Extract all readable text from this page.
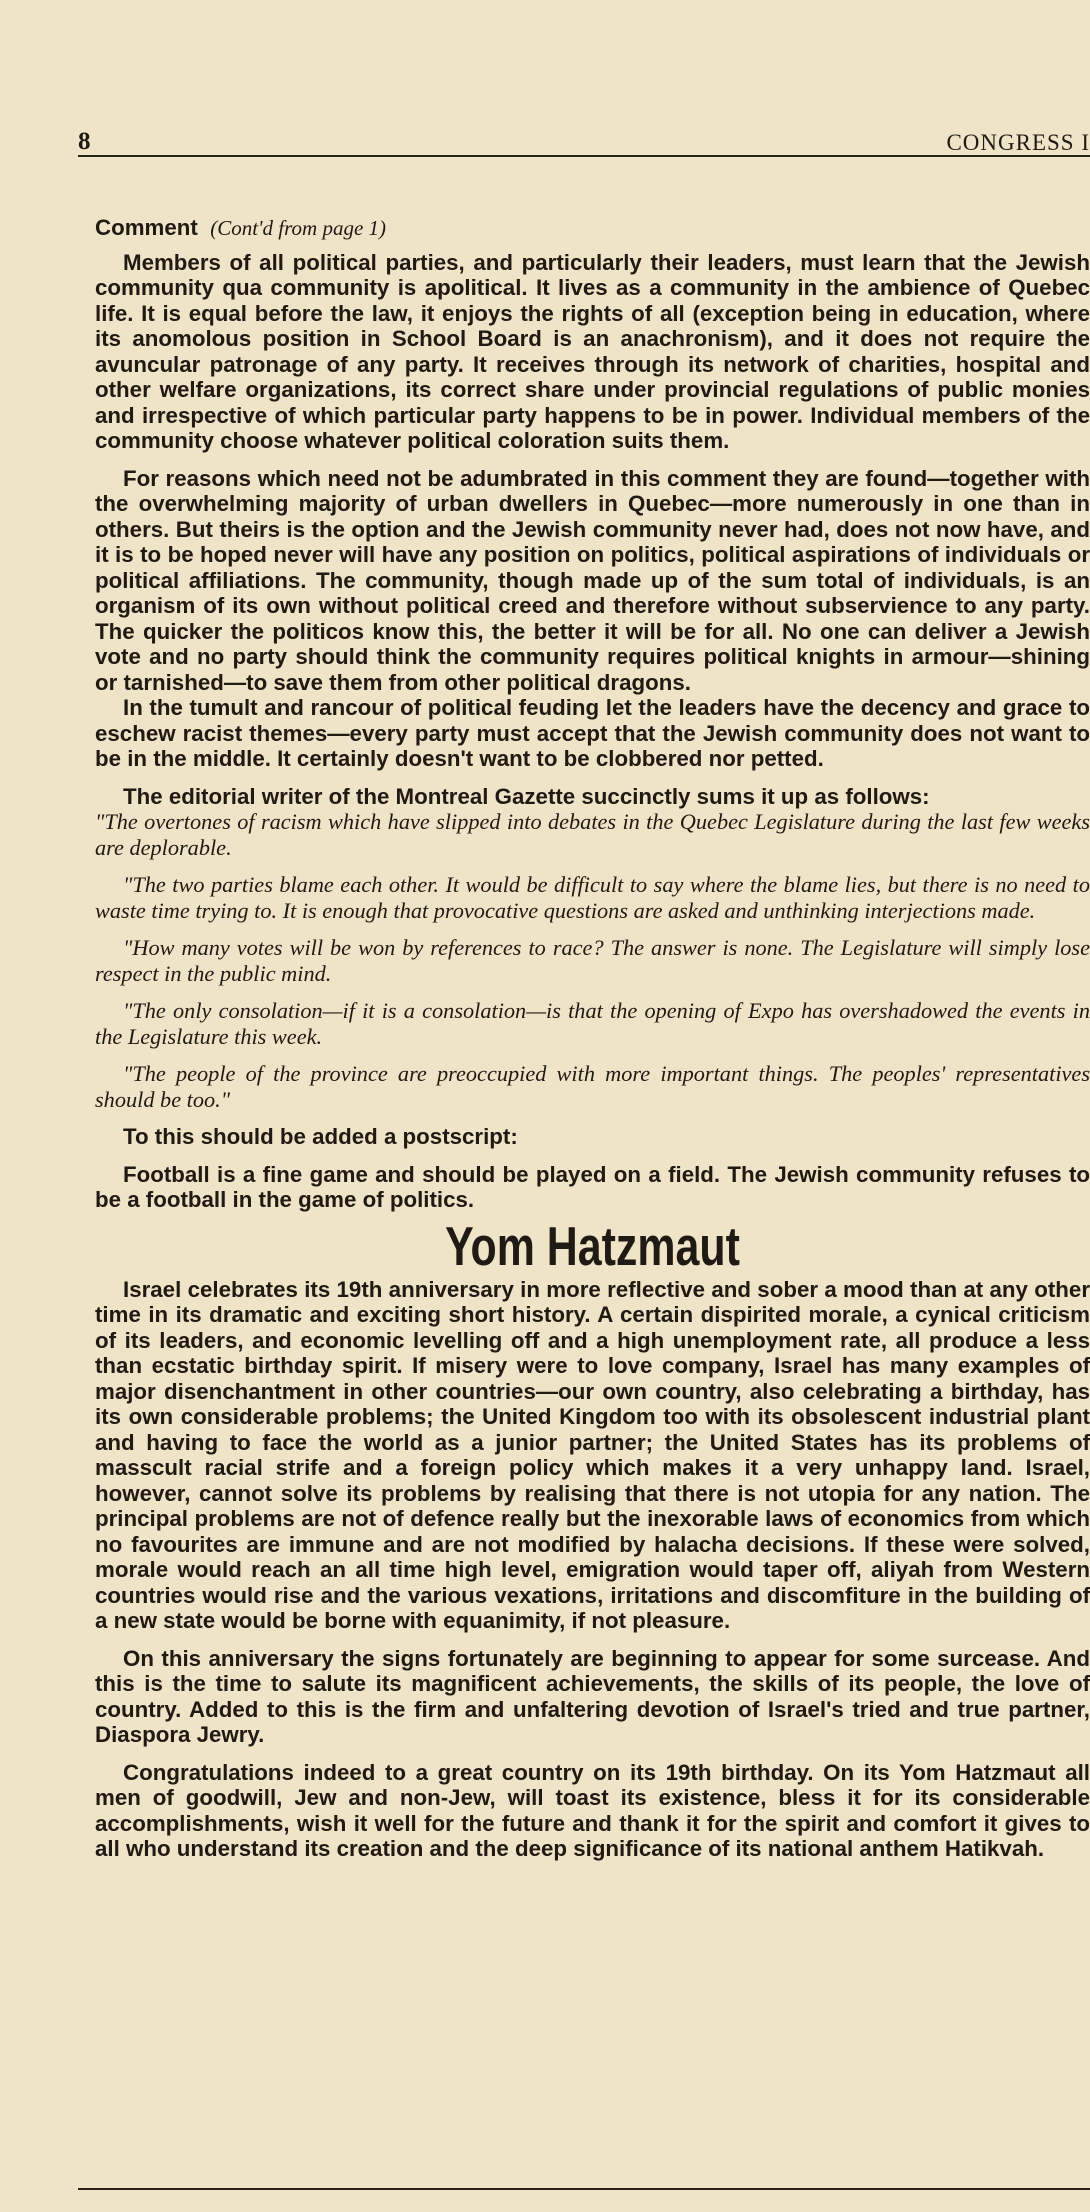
8	CONGRESS I

Comment (Cont'd from page 1)

Members of all political parties, and particularly their leaders, must learn that the Jewish community qua community is apolitical. It lives as a community in the ambience of Quebec life. It is equal before the law, it enjoys the rights of all (exception being in education, where its anomolous position in School Board is an anachronism), and it does not require the avuncular patronage of any party. It receives through its network of charities, hospital and other welfare organizations, its correct share under provincial regulations of public monies and irrespective of which particular party happens to be in power. Individual members of the community choose whatever political coloration suits them.

For reasons which need not be adumbrated in this comment they are found—together with the overwhelming majority of urban dwellers in Quebec—more numerously in one than in others. But theirs is the option and the Jewish community never had, does not now have, and it is to be hoped never will have any position on politics, political aspirations of individuals or political affiliations. The community, though made up of the sum total of individuals, is an organism of its own without political creed and therefore without subservience to any party. The quicker the politicos know this, the better it will be for all. No one can deliver a Jewish vote and no party should think the community requires political knights in armour—shining or tarnished—to save them from other political dragons.

In the tumult and rancour of political feuding let the leaders have the decency and grace to eschew racist themes—every party must accept that the Jewish community does not want to be in the middle. It certainly doesn't want to be clobbered nor petted.

The editorial writer of the Montreal Gazette succinctly sums it up as follows:

"The overtones of racism which have slipped into debates in the Quebec Legislature during the last few weeks are deplorable.

"The two parties blame each other. It would be difficult to say where the blame lies, but there is no need to waste time trying to. It is enough that provocative questions are asked and unthinking interjections made.

"How many votes will be won by references to race? The answer is none. The Legislature will simply lose respect in the public mind.

"The only consolation—if it is a consolation—is that the opening of Expo has overshadowed the events in the Legislature this week.

"The people of the province are preoccupied with more important things. The peoples' representatives should be too."

To this should be added a postscript:

Football is a fine game and should be played on a field. The Jewish community refuses to be a football in the game of politics.

Yom Hatzmaut

Israel celebrates its 19th anniversary in more reflective and sober a mood than at any other time in its dramatic and exciting short history. A certain dispirited morale, a cynical criticism of its leaders, and economic levelling off and a high unemployment rate, all produce a less than ecstatic birthday spirit. If misery were to love company, Israel has many examples of major disenchantment in other countries—our own country, also celebrating a birthday, has its own considerable problems; the United Kingdom too with its obsolescent industrial plant and having to face the world as a junior partner; the United States has its problems of masscult racial strife and a foreign policy which makes it a very unhappy land. Israel, however, cannot solve its problems by realising that there is not utopia for any nation. The principal problems are not of defence really but the inexorable laws of economics from which no favourites are immune and are not modified by halacha decisions. If these were solved, morale would reach an all time high level, emigration would taper off, aliyah from Western countries would rise and the various vexations, irritations and discomfiture in the building of a new state would be borne with equanimity, if not pleasure.

On this anniversary the signs fortunately are beginning to appear for some surcease. And this is the time to salute its magnificent achievements, the skills of its people, the love of country. Added to this is the firm and unfaltering devotion of Israel's tried and true partner, Diaspora Jewry.

Congratulations indeed to a great country on its 19th birthday. On its Yom Hatzmaut all men of goodwill, Jew and non-Jew, will toast its existence, bless it for its considerable accomplishments, wish it well for the future and thank it for the spirit and comfort it gives to all who understand its creation and the deep significance of its national anthem Hatikvah.
